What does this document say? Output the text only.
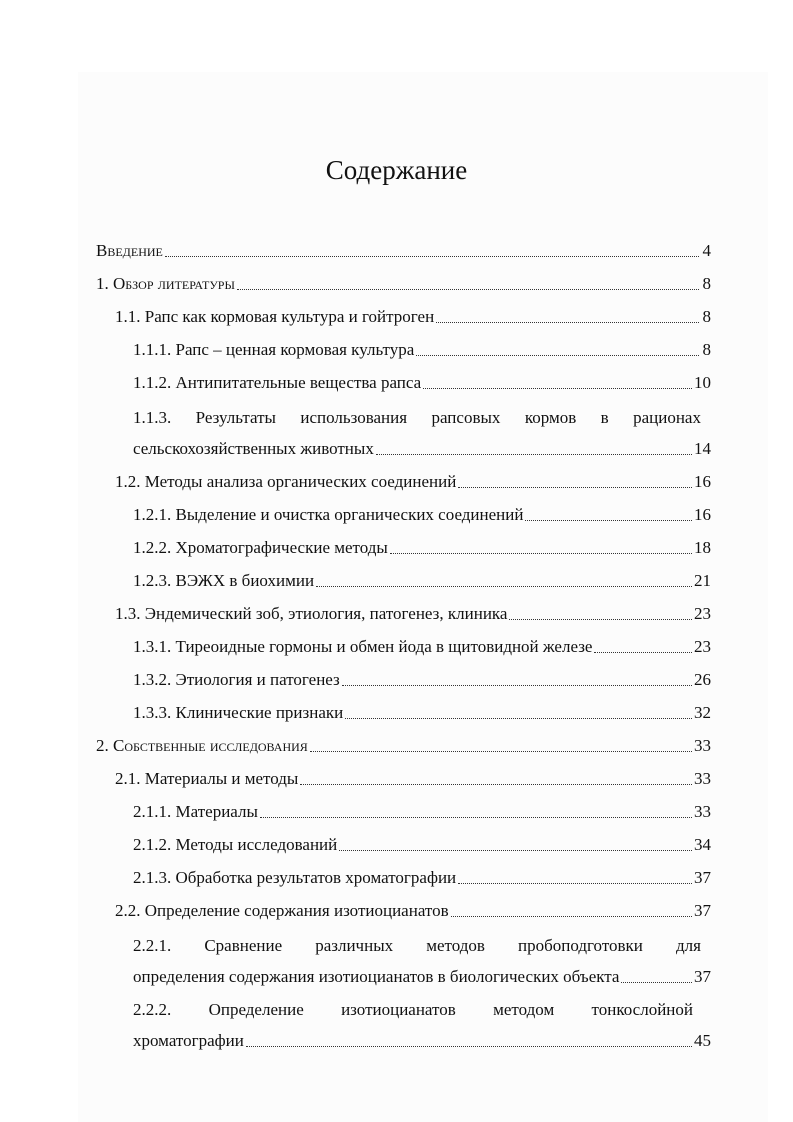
Содержание
Введение	4
1. Обзор литературы	8
1.1. Рапс как кормовая культура и гойтроген	8
1.1.1. Рапс – ценная кормовая культура	8
1.1.2. Антипитательные вещества рапса	10
1.1.3. Результаты использования рапсовых кормов в рационах
сельскохозяйственных животных	14
1.2. Методы анализа органических соединений	16
1.2.1. Выделение и очистка органических соединений	16
1.2.2. Хроматографические методы	18
1.2.3. ВЭЖХ в биохимии	21
1.3. Эндемический зоб, этиология, патогенез, клиника	23
1.3.1. Тиреоидные гормоны и обмен йода в щитовидной железе	23
1.3.2. Этиология и патогенез	26
1.3.3. Клинические признаки	32
2. Собственные исследования	33
2.1. Материалы и методы	33
2.1.1. Материалы	33
2.1.2. Методы исследований	34
2.1.3. Обработка результатов хроматографии	37
2.2. Определение содержания изотиоцианатов	37
2.2.1. Сравнение различных методов пробоподготовки для
определения содержания изотиоцианатов в биологических объекта	37
2.2.2. Определение изотиоцианатов методом тонкослойной
хроматографии	45
